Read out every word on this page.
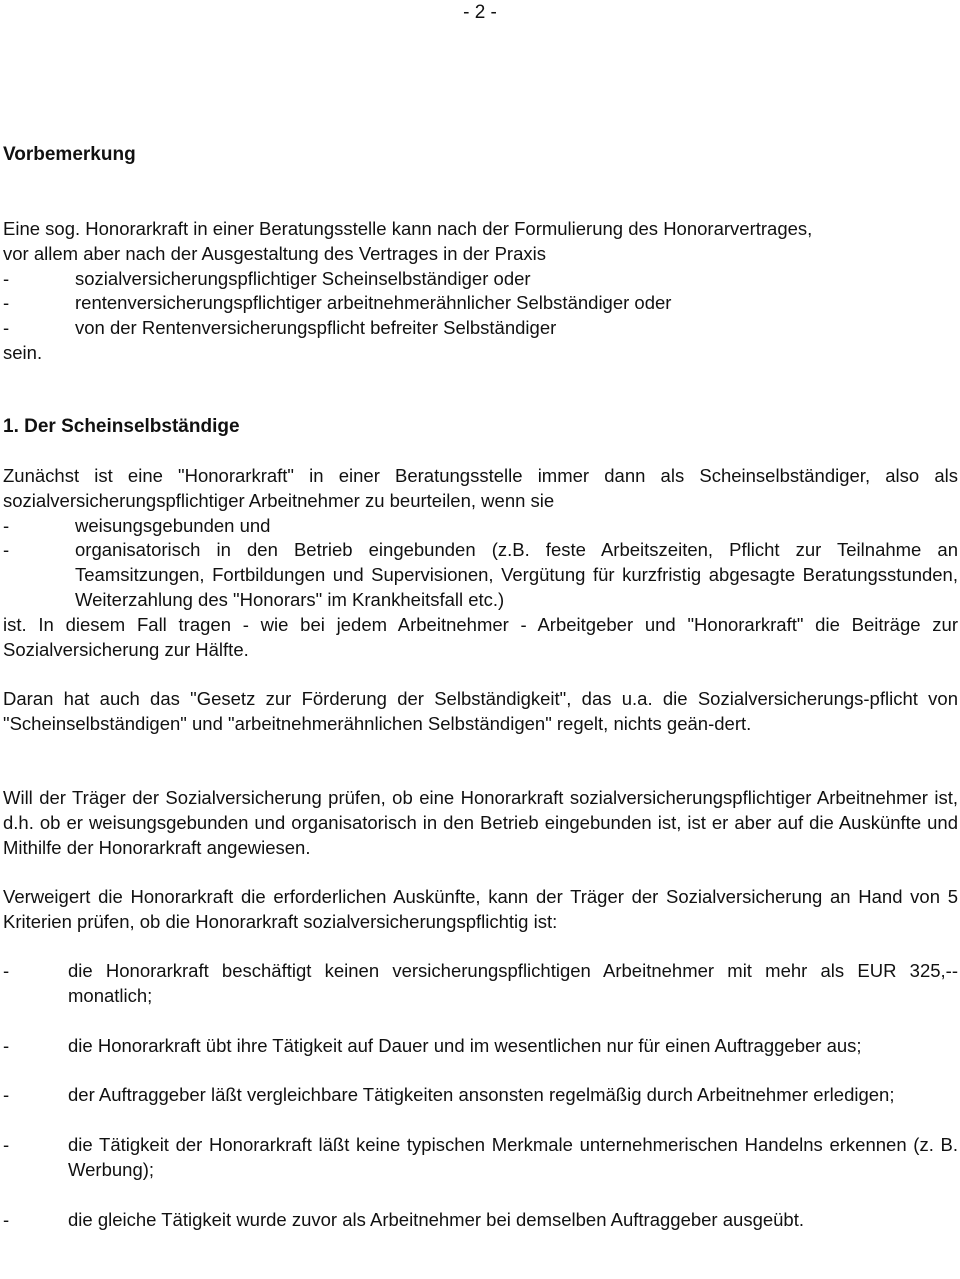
- 2 -
Vorbemerkung
Eine sog. Honorarkraft in einer Beratungsstelle kann nach der Formulierung des Honorarvertrages,
vor allem aber nach der Ausgestaltung des Vertrages in der Praxis
-	sozialversicherungspflichtiger Scheinselbständiger oder
-	rentenversicherungspflichtiger arbeitnehmerähnlicher Selbständiger oder
-	von der Rentenversicherungspflicht befreiter Selbständiger
sein.
1. Der Scheinselbständige
Zunächst ist eine "Honorarkraft" in einer Beratungsstelle immer dann als Scheinselbständiger, also als sozialversicherungspflichtiger Arbeitnehmer zu beurteilen, wenn sie
-	weisungsgebunden und
-	organisatorisch in den Betrieb eingebunden (z.B. feste Arbeitszeiten, Pflicht zur Teilnahme an Teamsitzungen, Fortbildungen und Supervisionen, Vergütung für kurzfristig abgesagte Beratungsstunden, Weiterzahlung des "Honorars" im Krankheitsfall etc.)
ist. In diesem Fall tragen - wie bei jedem Arbeitnehmer - Arbeitgeber und "Honorarkraft" die Beiträge zur Sozialversicherung zur Hälfte.
Daran hat auch das "Gesetz zur Förderung der Selbständigkeit", das u.a. die Sozialversicherungs-pflicht von "Scheinselbständigen" und "arbeitnehmerähnlichen Selbständigen" regelt, nichts geän-dert.
Will der Träger der Sozialversicherung prüfen, ob eine Honorarkraft sozialversicherungspflichtiger Arbeitnehmer ist, d.h. ob er weisungsgebunden und organisatorisch in den Betrieb eingebunden ist, ist er aber auf die Auskünfte und Mithilfe der Honorarkraft angewiesen.
Verweigert die Honorarkraft die erforderlichen Auskünfte, kann der Träger der Sozialversicherung an Hand von 5 Kriterien prüfen, ob die Honorarkraft sozialversicherungspflichtig ist:
-	die Honorarkraft beschäftigt keinen versicherungspflichtigen Arbeitnehmer mit mehr als EUR 325,-- monatlich;
-	die Honorarkraft übt ihre Tätigkeit auf Dauer und im wesentlichen nur für einen Auftraggeber aus;
-	der Auftraggeber läßt vergleichbare Tätigkeiten ansonsten regelmäßig durch Arbeitnehmer erledigen;
-	die Tätigkeit der Honorarkraft läßt keine typischen Merkmale unternehmerischen Handelns erkennen (z. B. Werbung);
-	die gleiche Tätigkeit wurde zuvor als Arbeitnehmer bei demselben Auftraggeber ausgeübt.
